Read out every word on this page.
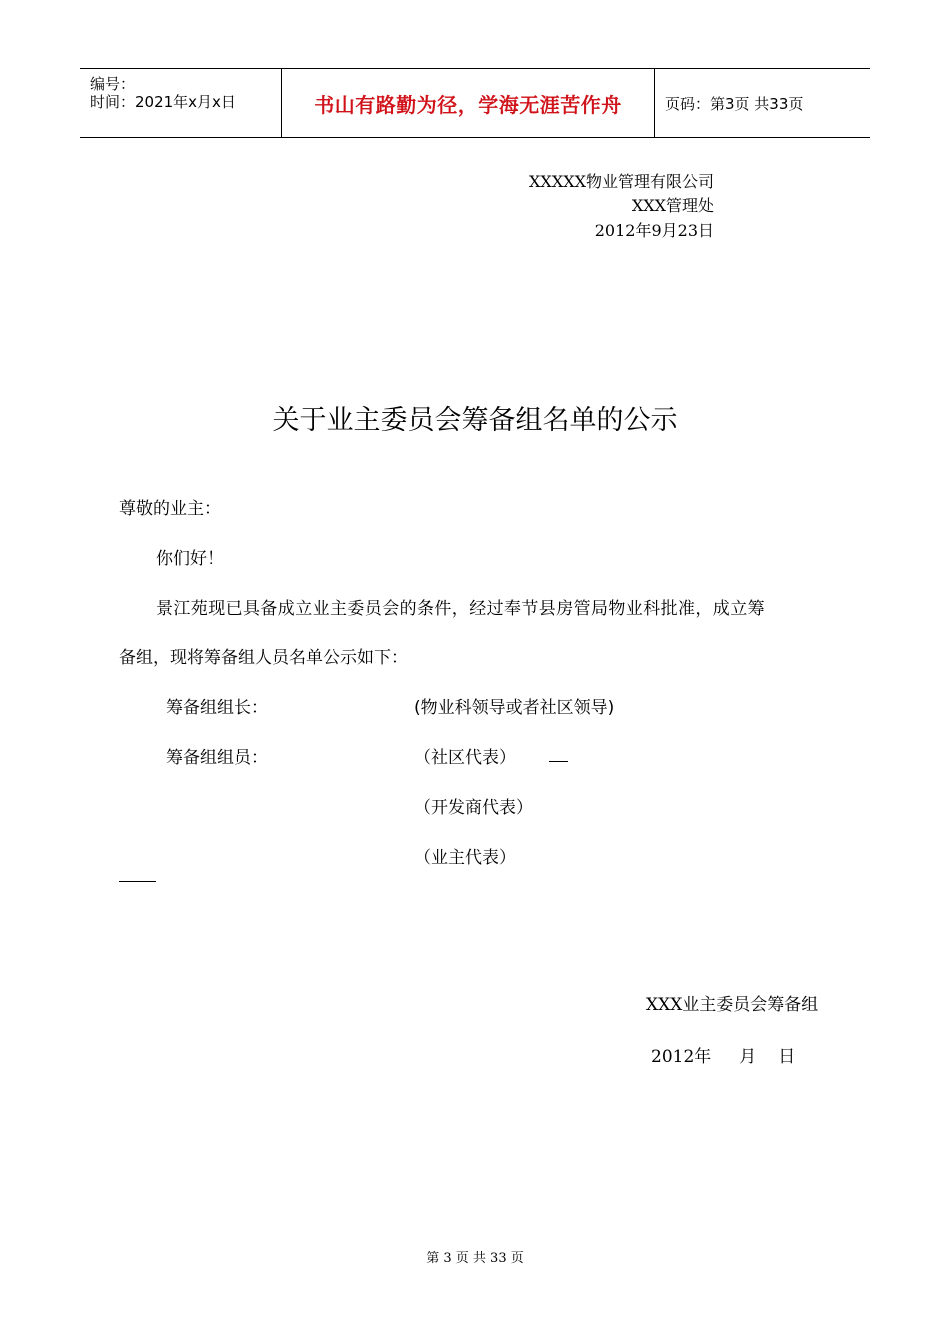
编号：
时间：2021年x月x日	书山有路勤为径，学海无涯苦作舟	页码：第3页 共33页
XXXXX物业管理有限公司
XXX管理处
2012年9月23日
关于业主委员会筹备组名单的公示
尊敬的业主：
你们好！
景江苑现已具备成立业主委员会的条件，经过奉节县房管局物业科批准，成立筹
备组，现将筹备组人员名单公示如下：
筹备组组长：	(物业科领导或者社区领导)
筹备组组员：	（社区代表）
（开发商代表）
（业主代表）
XXX业主委员会筹备组
2012年 月 日
第 3 页 共 33 页
